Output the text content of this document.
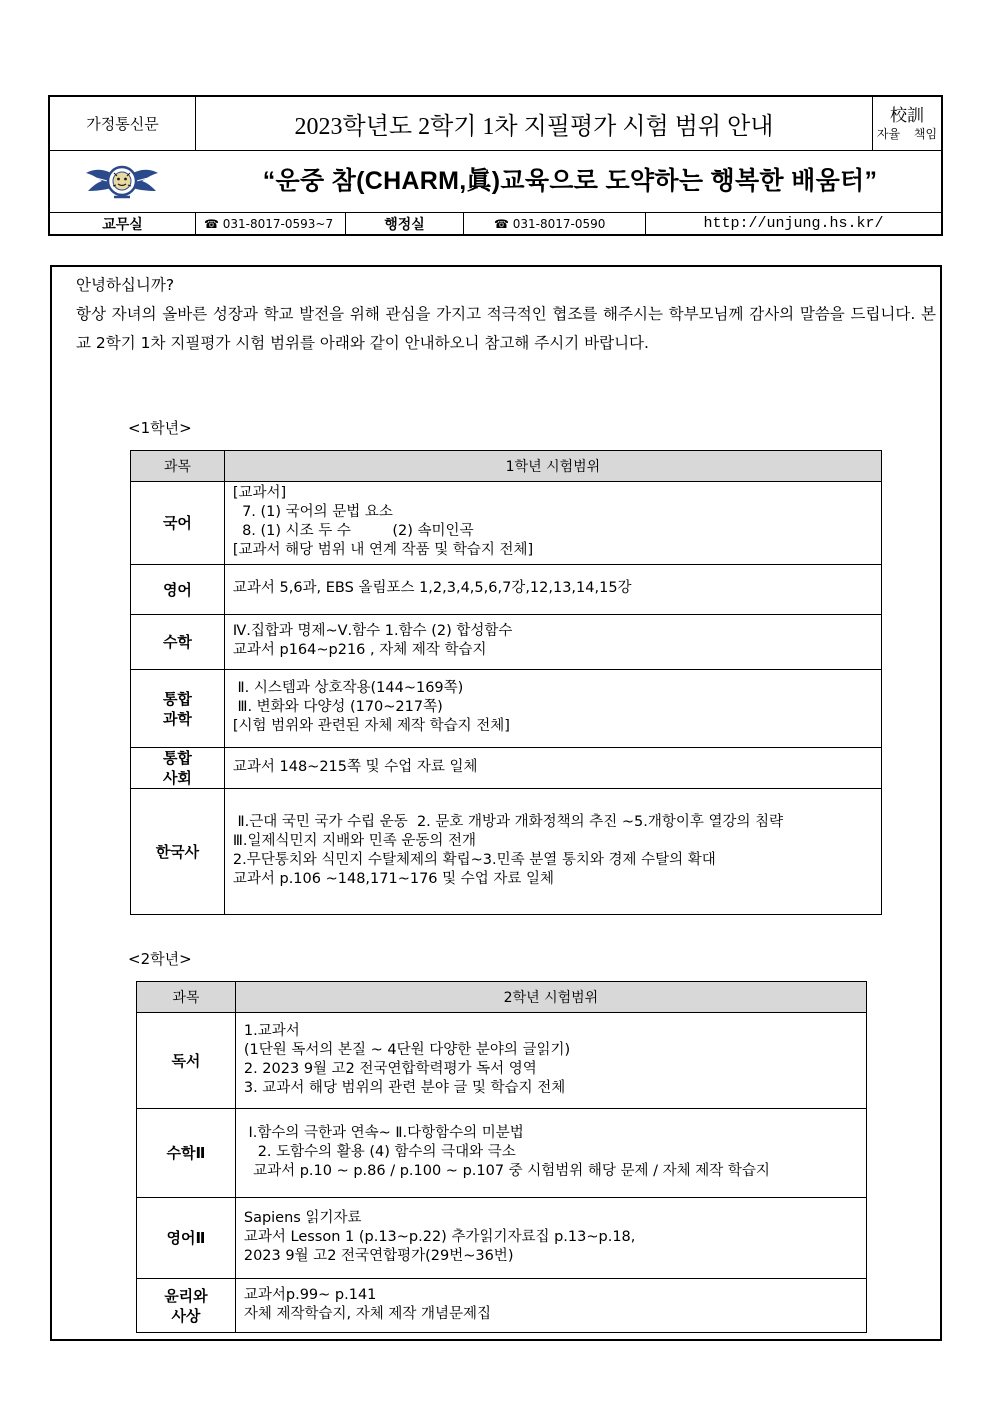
가정통신문	2023학년도 2학기 1차 지필평가 시험 범위 안내	校訓
자율 책임
“운중 참(CHARM,眞)교육으로 도약하는 행복한 배움터”
교무실	☎ 031-8017-0593~7	행정실	☎ 031-8017-0590	http://unjung.hs.kr/

안녕하십니까?

항상 자녀의 올바른 성장과 학교 발전을 위해 관심을 가지고 적극적인 협조를 해주시는 학부모님께 감사의 말씀을 드립니다. 본교 2학기 1차 지필평가 시험 범위를 아래와 같이 안내하오니 참고해 주시기 바랍니다.

<1학년>
과목	1학년 시험범위

국어	[교과서]
7. (1) 국어의 문법 요소
8. (1) 시조 두 수         (2) 속미인곡
[교과서 해당 범위 내 연계 작품 및 학습지 전체]

영어	교과서 5,6과, EBS 올림포스 1,2,3,4,5,6,7강,12,13,14,15강

수학	Ⅳ.집합과 명제~Ⅴ.함수 1.함수 (2) 합성함수
교과서 p164~p216 , 자체 제작 학습지

통합
과학	Ⅱ. 시스템과 상호작용(144~169쪽)
Ⅲ. 변화와 다양성 (170~217쪽)
[시험 범위와 관련된 자체 제작 학습지 전체]

통합
사회	교과서 148~215쪽 및 수업 자료 일체

한국사	Ⅱ.근대 국민 국가 수립 운동  2. 문호 개방과 개화정책의 추진 ~5.개항이후 열강의 침략
Ⅲ.일제식민지 지배와 민족 운동의 전개
2.무단통치와 식민지 수탈체제의 확립~3.민족 분열 통치와 경제 수탈의 확대
교과서 p.106 ~148,171~176 및 수업 자료 일체
<2학년>
과목	2학년 시험범위

독서	1.교과서
(1단원 독서의 본질 ~ 4단원 다양한 분야의 글읽기)
2. 2023 9월 고2 전국연합학력평가 독서 영역
3. 교과서 해당 범위의 관련 분야 글 및 학습지 전체

수학Ⅱ	Ⅰ.함수의 극한과 연속~ Ⅱ.다항함수의 미분법
2. 도함수의 활용 (4) 함수의 극대와 극소
교과서 p.10 ~ p.86 / p.100 ~ p.107 중 시험범위 해당 문제 / 자체 제작 학습지

영어Ⅱ	Sapiens 읽기자료
교과서 Lesson 1 (p.13~p.22) 추가읽기자료집 p.13~p.18,
2023 9월 고2 전국연합평가(29번~36번)

윤리와
사상	교과서p.99~ p.141
자체 제작학습지, 자체 제작 개념문제집
